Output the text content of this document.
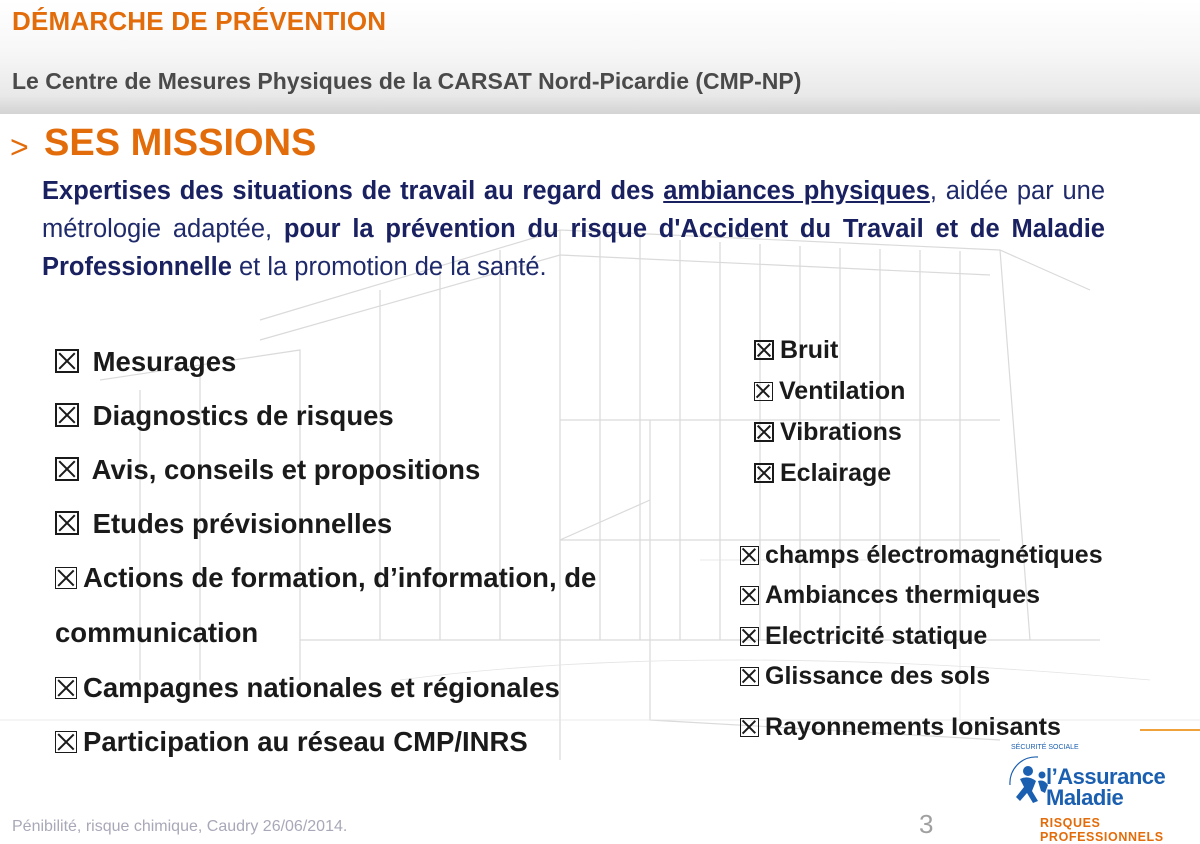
DÉMARCHE DE PRÉVENTION
Le Centre de Mesures Physiques de la CARSAT Nord-Picardie (CMP-NP)
> SES MISSIONS

Expertises des situations de travail au regard des ambiances physiques, aidée par une métrologie adaptée, pour la prévention du risque d'Accident du Travail et de Maladie Professionnelle et la promotion de la santé.

Mesurages
Diagnostics de risques
Avis, conseils et propositions
Etudes prévisionnelles
Actions de formation, d’information, de
communication
Campagnes nationales et régionales
Participation au réseau CMP/INRS
Bruit
Ventilation
Vibrations
Eclairage
champs électromagnétiques
Ambiances thermiques
Electricité statique
Glissance des sols
Rayonnements Ionisants

Pénibilité, risque chimique, Caudry 26/06/2014.	3

SÉCURITÉ SOCIALE

l’Assurance

Maladie

RISQUES PROFESSIONNELS
